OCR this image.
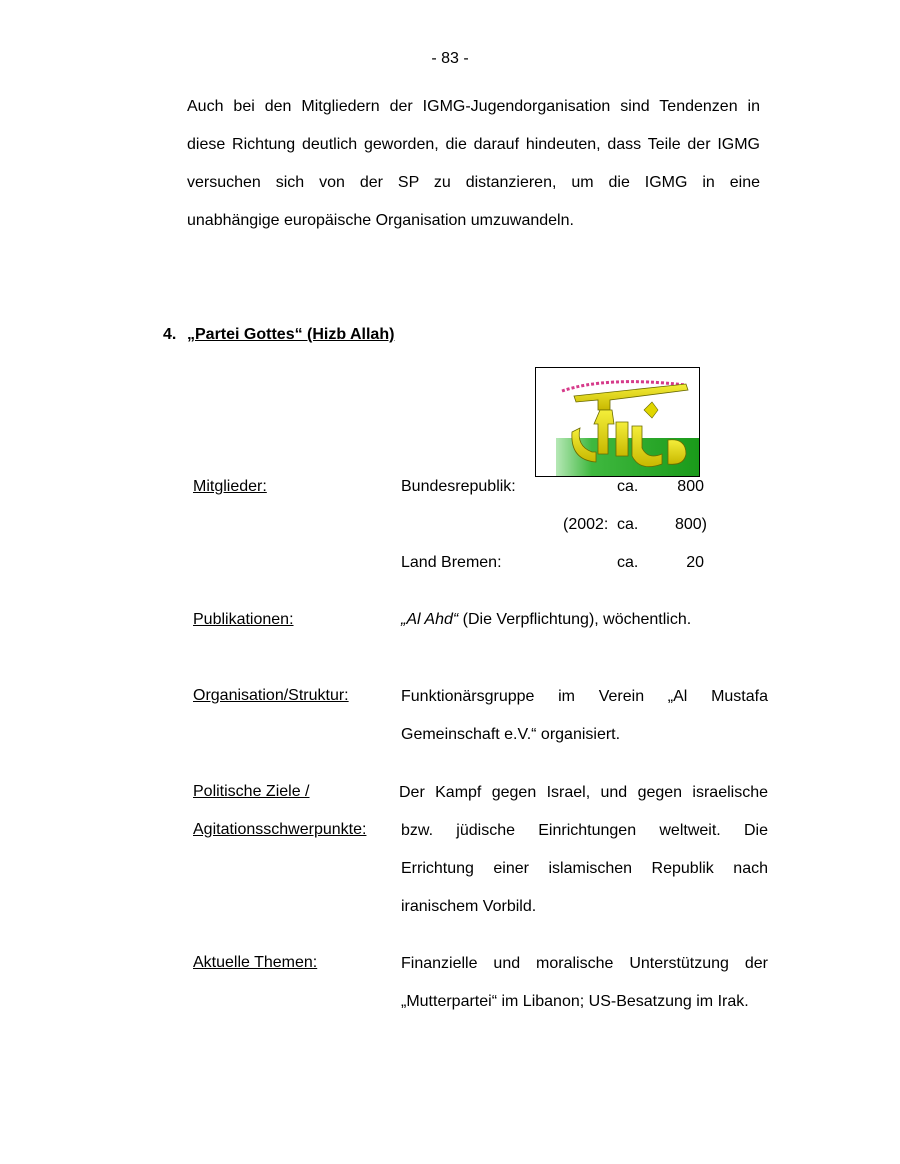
- 83 -
Auch bei den Mitgliedern der IGMG-Jugendorganisation sind Tendenzen in
diese Richtung deutlich geworden, die darauf hindeuten, dass Teile der IGMG
versuchen sich von der SP zu distanzieren, um die IGMG in eine
unabhängige europäische Organisation umzuwandeln.
4. „Partei Gottes“ (Hizb Allah)
Mitglieder:	Bundesrepublik:	ca.	800
(2002: ca.	800)
Land Bremen:	ca.	20
Publikationen:	„Al Ahd“ (Die Verpflichtung), wöchentlich.
Organisation/Struktur:	Funktionärsgruppe im Verein „Al Mustafa
Gemeinschaft e.V.“ organisiert.
Politische Ziele /
Agitationsschwerpunkte:
Der Kampf gegen Israel, und gegen israelische
bzw. jüdische Einrichtungen weltweit. Die
Errichtung einer islamischen Republik nach
iranischem Vorbild.
Aktuelle Themen:	Finanzielle und moralische Unterstützung der
„Mutterpartei“ im Libanon; US-Besatzung im Irak.
